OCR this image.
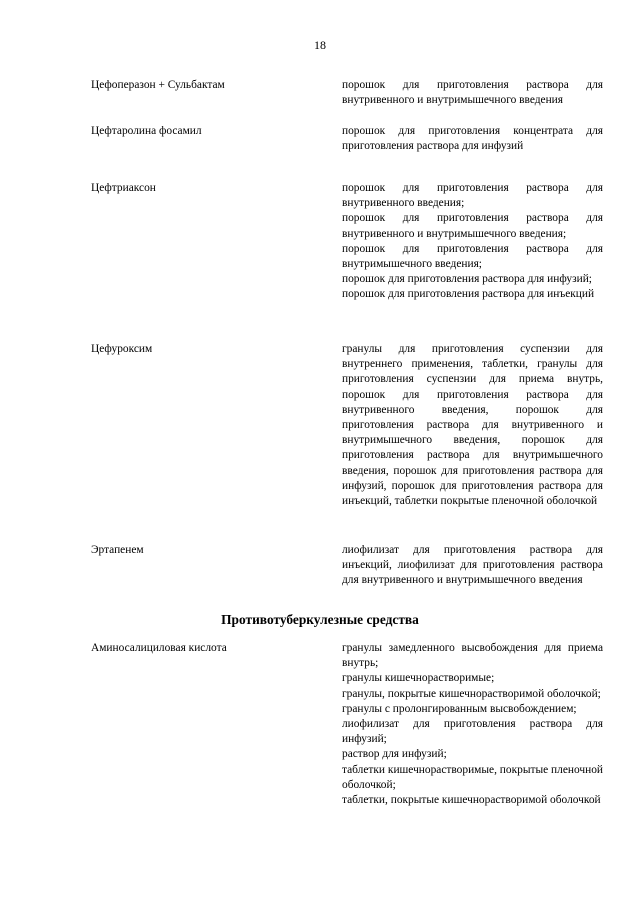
18
Цефоперазон + Сульбактам	порошок для приготовления раствора для внутривенного и внутримышечного введения
Цефтаролина фосамил	порошок для приготовления концентрата для приготовления раствора для инфузий
Цефтриаксон	порошок для приготовления раствора для внутривенного введения;
порошок для приготовления раствора для внутривенного и внутримышечного введения;
порошок для приготовления раствора для внутримышечного введения;
порошок для приготовления раствора для инфузий;
порошок для приготовления раствора для инъекций
Цефуроксим	гранулы для приготовления суспензии для внутреннего применения, таблетки, гранулы для приготовления суспензии для приема внутрь, порошок для приготовления раствора для внутривенного введения, порошок для приготовления раствора для внутривенного и внутримышечного введения, порошок для приготовления раствора для внутримышечного введения, порошок для приготовления раствора для инфузий, порошок для приготовления раствора для инъекций, таблетки покрытые пленочной оболочкой
Эртапенем	лиофилизат для приготовления раствора для инъекций, лиофилизат для приготовления раствора для внутривенного и внутримышечного введения
Противотуберкулезные средства
Аминосалициловая кислота	гранулы замедленного высвобождения для приема внутрь;
гранулы кишечнорастворимые;
гранулы, покрытые кишечнорастворимой оболочкой;
гранулы с пролонгированным высвобождением;
лиофилизат для приготовления раствора для инфузий;
раствор для инфузий;
таблетки кишечнорастворимые, покрытые пленочной оболочкой;
таблетки, покрытые кишечнорастворимой оболочкой
